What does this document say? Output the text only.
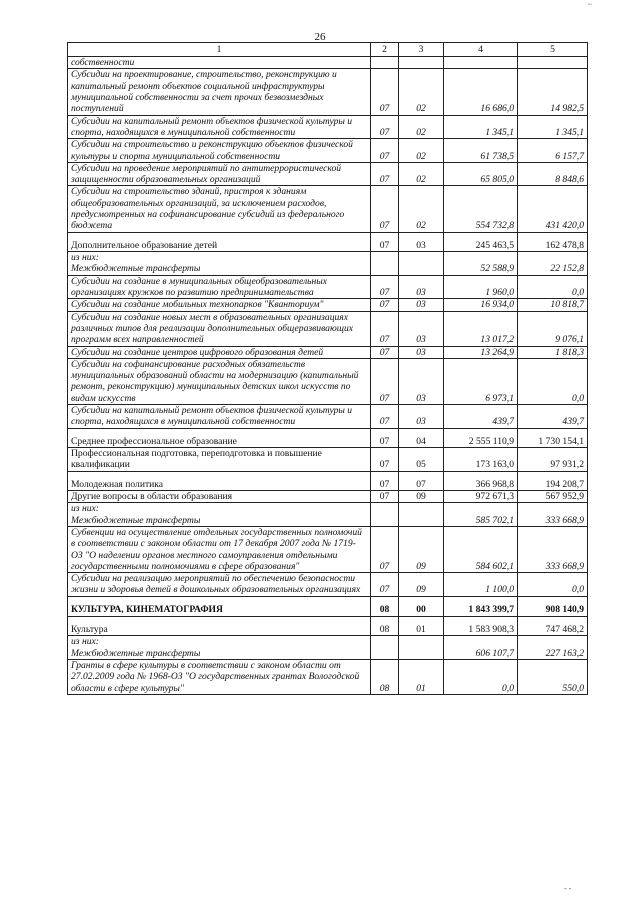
26
~
1	2	3	4	5
собственности				
Субсидии на проектирование, строительство, реконструкцию и капитальный ремонт объектов социальной инфраструктуры муниципальной собственности за счет прочих безвозмездных поступлений	07	02	16 686,0	14 982,5
Субсидии на капитальный ремонт объектов физической культуры и спорта, находящихся в муниципальной собственности	07	02	1 345,1	1 345,1
Субсидии на строительство и реконструкцию объектов физической культуры и спорта муниципальной собственности	07	02	61 738,5	6 157,7
Субсидии на проведение мероприятий по антитеррористической защищенности образовательных организаций	07	02	65 805,0	8 848,6
Субсидии на строительство зданий, пристроя к зданиям общеобразовательных организаций, за исключением расходов, предусмотренных на софинансирование субсидий из федерального бюджета	07	02	554 732,8	431 420,0
Дополнительное образование детей	07	03	245 463,5	162 478,8
из них:
Межбюджетные трансферты			52 588,9	22 152,8
Субсидии на создание в муниципальных общеобразовательных организациях кружков по развитию предпринимательства	07	03	1 960,0	0,0
Субсидии на создание мобильных технопарков "Кванториум"	07	03	16 934,0	10 818,7
Субсидии на создание новых мест в образовательных организациях различных типов для реализации дополнительных общеразвивающих программ всех направленностей	07	03	13 017,2	9 076,1
Субсидии на создание центров цифрового образования детей	07	03	13 264,9	1 818,3
Субсидии на софинансирование расходных обязательств муниципальных образований области на модернизацию (капитальный ремонт, реконструкцию) муниципальных детских школ искусств по видам искусств	07	03	6 973,1	0,0
Субсидии на капитальный ремонт объектов физической культуры и спорта, находящихся в муниципальной собственности	07	03	439,7	439,7
Среднее профессиональное образование	07	04	2 555 110,9	1 730 154,1
Профессиональная подготовка, переподготовка и повышение квалификации	07	05	173 163,0	97 931,2
Молодежная политика	07	07	366 968,8	194 208,7
Другие вопросы в области образования	07	09	972 671,3	567 952,9
из них:
Межбюджетные трансферты			585 702,1	333 668,9
Субвенции на осуществление отдельных государственных полномочий в соответствии с законом области от 17 декабря 2007 года № 1719-ОЗ "О наделении органов местного самоуправления отдельными государственными полномочиями в сфере образования"	07	09	584 602,1	333 668,9
Субсидии на реализацию мероприятий по обеспечению безопасности жизни и здоровья детей в дошкольных образовательных организациях	07	09	1 100,0	0,0
КУЛЬТУРА, КИНЕМАТОГРАФИЯ	08	00	1 843 399,7	908 140,9
Культура	08	01	1 583 908,3	747 468,2
из них:
Межбюджетные трансферты			606 107,7	227 163,2
Гранты в сфере культуры в соответствии с законом области от 27.02.2009 года № 1968-ОЗ "О государственных грантах Вологодской области в сфере культуры"	08	01	0,0	550,0
- -
